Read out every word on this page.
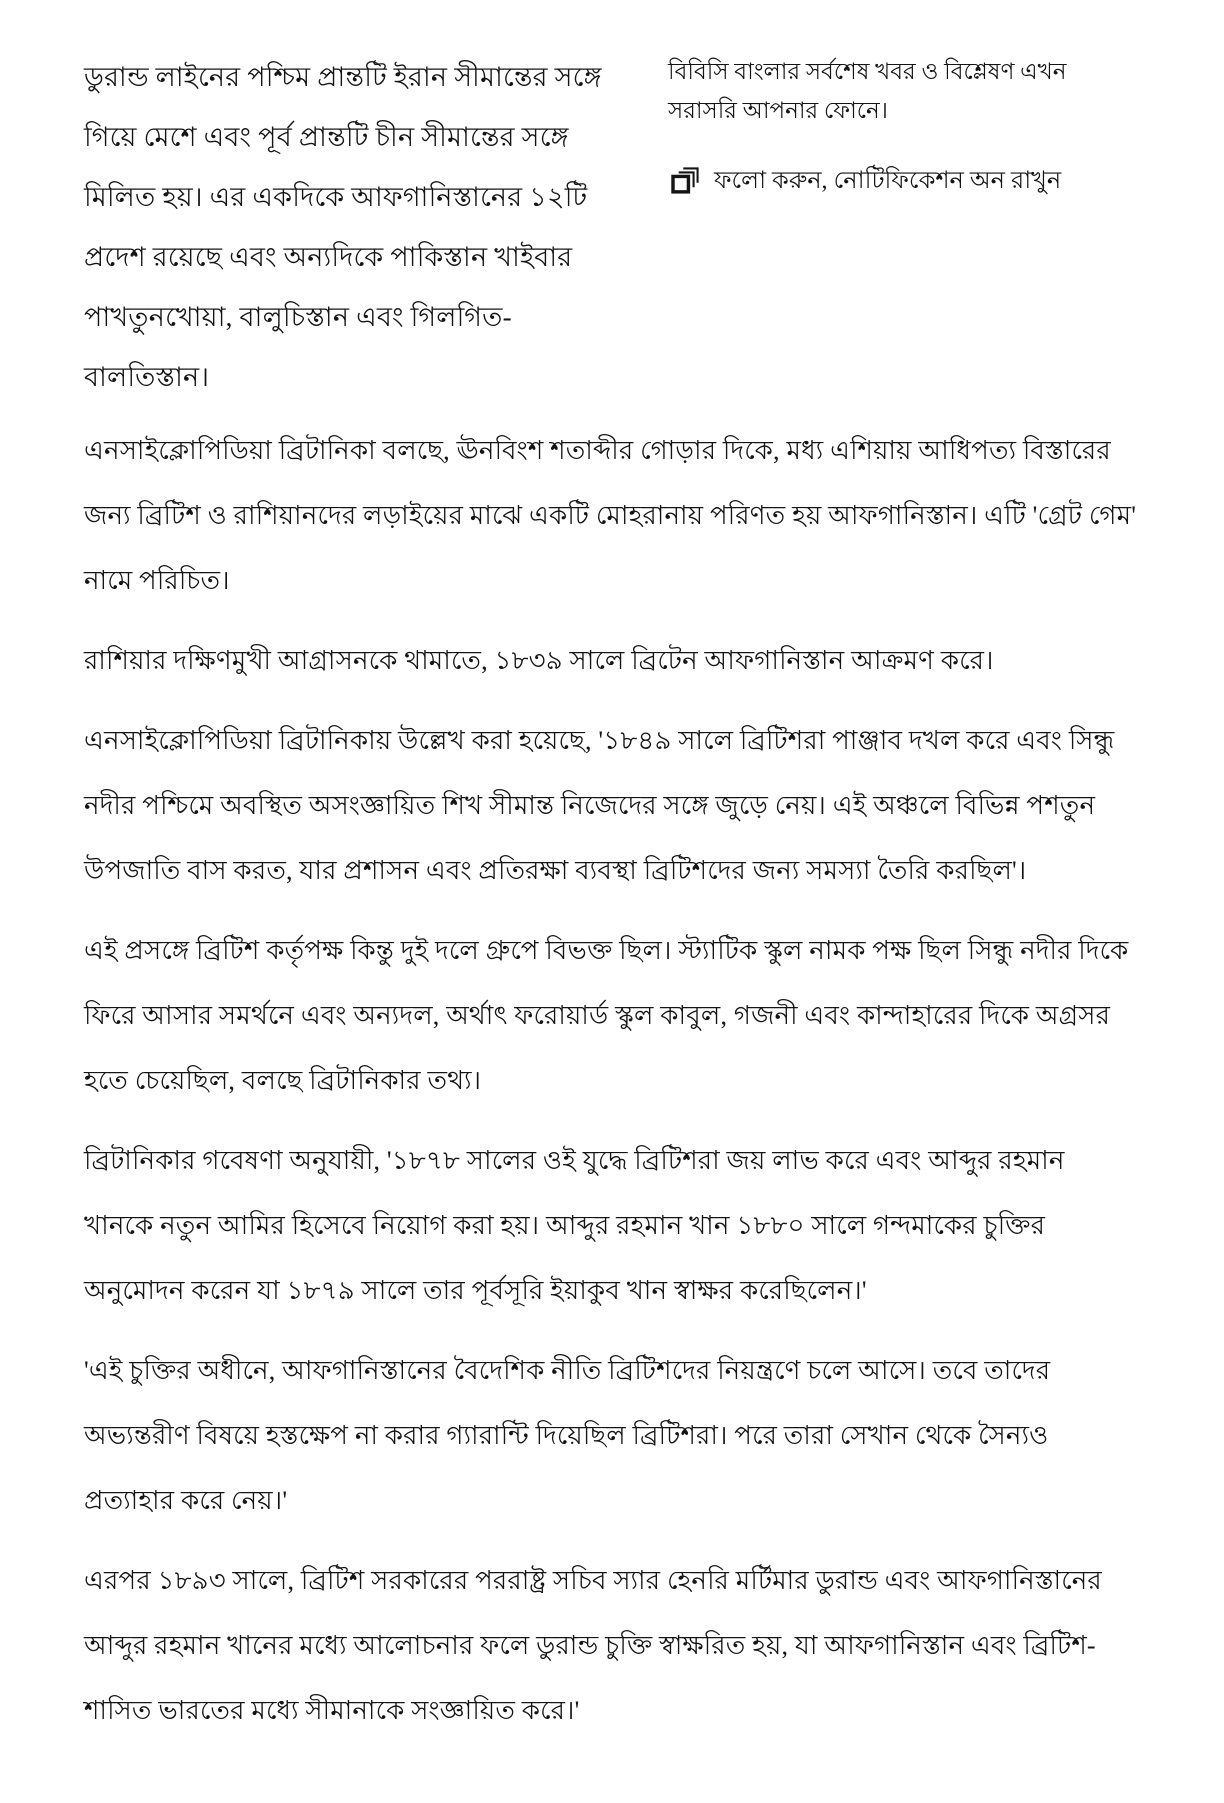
ডুরান্ড লাইনের পশ্চিম প্রান্তটি ইরান সীমান্তের সঙ্গে গিয়ে মেশে এবং পূর্ব প্রান্তটি চীন সীমান্তের সঙ্গে মিলিত হয়। এর একদিকে আফগানিস্তানের ১২টি প্রদেশ রয়েছে এবং অন্যদিকে পাকিস্তান খাইবার পাখতুনখোয়া, বালুচিস্তান এবং গিলগিত-বালতিস্তান।

বিবিসি বাংলার সর্বশেষ খবর ও বিশ্লেষণ এখন সরাসরি আপনার ফোনে।

ফলো করুন, নোটিফিকেশন অন রাখুন

এনসাইক্লোপিডিয়া ব্রিটানিকা বলছে, ঊনবিংশ শতাব্দীর গোড়ার দিকে, মধ্য এশিয়ায় আধিপত্য বিস্তারের জন্য ব্রিটিশ ও রাশিয়ানদের লড়াইয়ের মাঝে একটি মোহরানায় পরিণত হয় আফগানিস্তান। এটি 'গ্রেট গেম' নামে পরিচিত।

রাশিয়ার দক্ষিণমুখী আগ্রাসনকে থামাতে, ১৮৩৯ সালে ব্রিটেন আফগানিস্তান আক্রমণ করে।

এনসাইক্লোপিডিয়া ব্রিটানিকায় উল্লেখ করা হয়েছে, '১৮৪৯ সালে ব্রিটিশরা পাঞ্জাব দখল করে এবং সিন্ধু নদীর পশ্চিমে অবস্থিত অসংজ্ঞায়িত শিখ সীমান্ত নিজেদের সঙ্গে জুড়ে নেয়। এই অঞ্চলে বিভিন্ন পশতুন উপজাতি বাস করত, যার প্রশাসন এবং প্রতিরক্ষা ব্যবস্থা ব্রিটিশদের জন্য সমস্যা তৈরি করছিল'।

এই প্রসঙ্গে ব্রিটিশ কর্তৃপক্ষ কিন্তু দুই দলে গ্রুপে বিভক্ত ছিল। স্ট্যাটিক স্কুল নামক পক্ষ ছিল সিন্ধু নদীর দিকে ফিরে আসার সমর্থনে এবং অন্যদল, অর্থাৎ ফরোয়ার্ড স্কুল কাবুল, গজনী এবং কান্দাহারের দিকে অগ্রসর হতে চেয়েছিল, বলছে ব্রিটানিকার তথ্য।

ব্রিটানিকার গবেষণা অনুযায়ী, '১৮৭৮ সালের ওই যুদ্ধে ব্রিটিশরা জয় লাভ করে এবং আব্দুর রহমান খানকে নতুন আমির হিসেবে নিয়োগ করা হয়। আব্দুর রহমান খান ১৮৮০ সালে গন্দমাকের চুক্তির অনুমোদন করেন যা ১৮৭৯ সালে তার পূর্বসূরি ইয়াকুব খান স্বাক্ষর করেছিলেন।'

'এই চুক্তির অধীনে, আফগানিস্তানের বৈদেশিক নীতি ব্রিটিশদের নিয়ন্ত্রণে চলে আসে। তবে তাদের অভ্যন্তরীণ বিষয়ে হস্তক্ষেপ না করার গ্যারান্টি দিয়েছিল ব্রিটিশরা। পরে তারা সেখান থেকে সৈন্যও প্রত্যাহার করে নেয়।'

এরপর ১৮৯৩ সালে, ব্রিটিশ সরকারের পররাষ্ট্র সচিব স্যার হেনরি মর্টিমার ডুরান্ড এবং আফগানিস্তানের আব্দুর রহমান খানের মধ্যে আলোচনার ফলে ডুরান্ড চুক্তি স্বাক্ষরিত হয়, যা আফগানিস্তান এবং ব্রিটিশ-শাসিত ভারতের মধ্যে সীমানাকে সংজ্ঞায়িত করে।'
